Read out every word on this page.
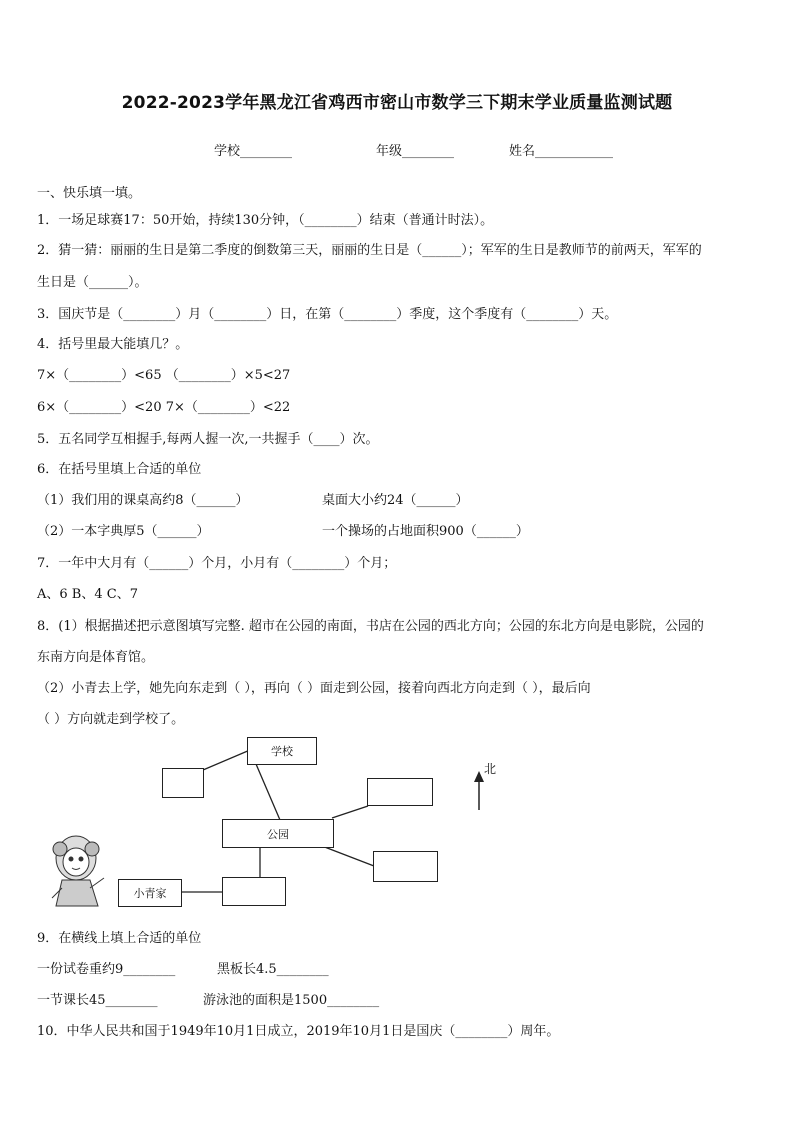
2022-2023学年黑龙江省鸡西市密山市数学三下期末学业质量监测试题
学校________	年级________	姓名____________
一、快乐填一填。
1．一场足球赛17：50开始，持续130分钟，（________）结束（普通计时法）。
2．猜一猜：丽丽的生日是第二季度的倒数第三天，丽丽的生日是（______）；军军的生日是教师节的前两天，军军的
生日是（______）。
3．国庆节是（________）月（________）日，在第（________）季度，这个季度有（________）天。
4．括号里最大能填几？。
7×（________）<65 （________）×5<27
6×（________）<20 7×（________）<22
5．五名同学互相握手,每两人握一次,一共握手（____）次。
6．在括号里填上合适的单位
（1）我们用的课桌高约8（______）	桌面大小约24（______）
（2）一本字典厚5（______）	一个操场的占地面积900（______）
7．一年中大月有（______）个月，小月有（________）个月；
A、6 B、4 C、7
8．(1）根据描述把示意图填写完整. 超市在公园的南面，书店在公园的西北方向；公园的东北方向是电影院，公园的
东南方向是体育馆。
（2）小青去上学，她先向东走到（ ），再向（ ）面走到公园，接着向西北方向走到（ ），最后向
（ ）方向就走到学校了。
学校
公园
小青家
北
9．在横线上填上合适的单位
一份试卷重约9________	黑板长4.5________
一节课长45________	游泳池的面积是1500________
10．中华人民共和国于1949年10月1日成立，2019年10月1日是国庆（________）周年。
